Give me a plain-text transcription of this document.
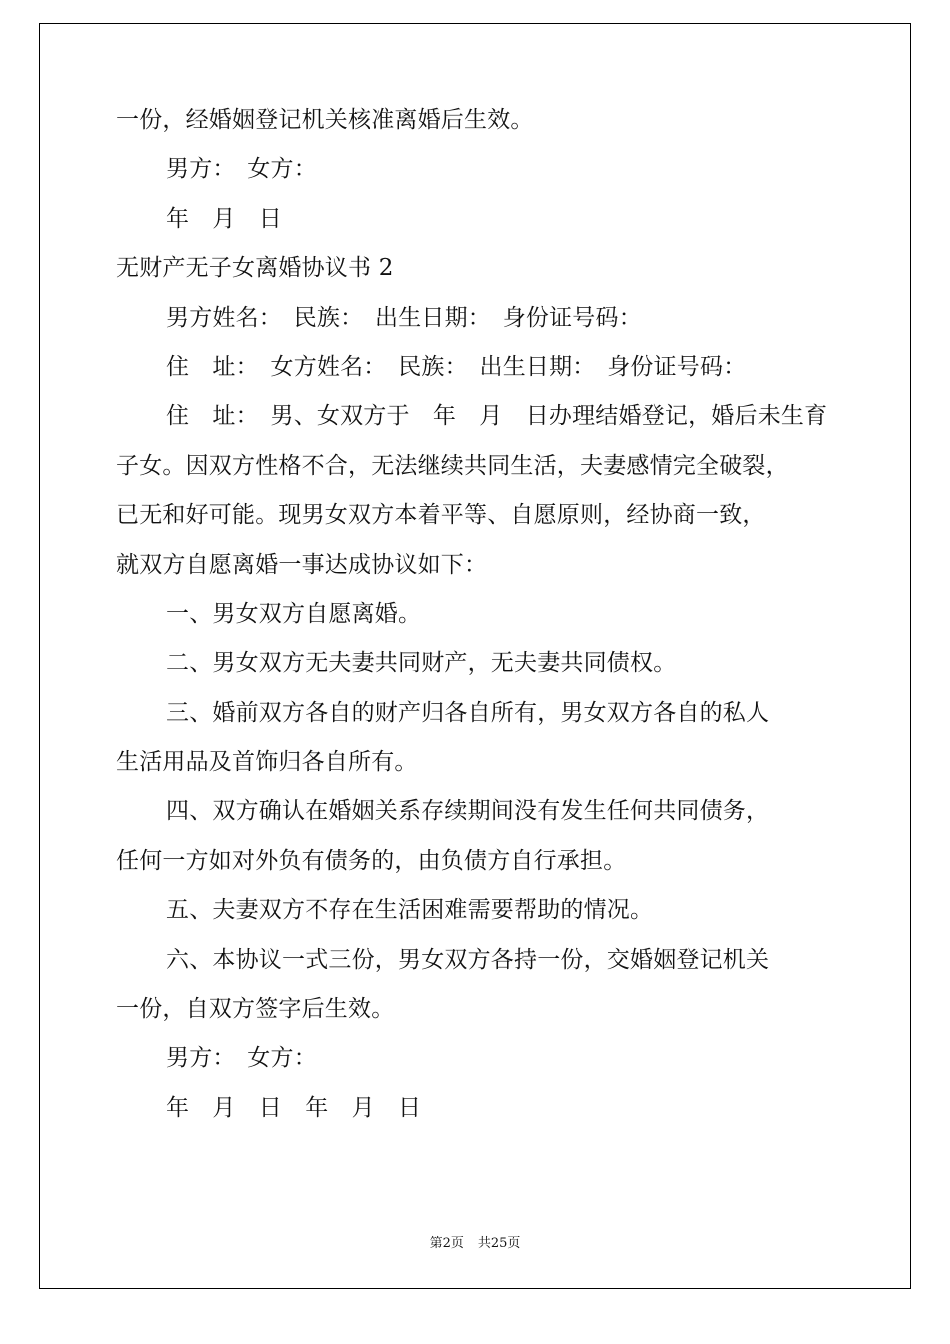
一份，经婚姻登记机关核准离婚后生效。
男方：　女方：
年　月　日
无财产无子女离婚协议书 2
男方姓名：　民族：　出生日期：　身份证号码：
住　址：　女方姓名：　民族：　出生日期：　身份证号码：
住　址：　男、女双方于　年　月　日办理结婚登记，婚后未生育
子女。因双方性格不合，无法继续共同生活，夫妻感情完全破裂，
已无和好可能。现男女双方本着平等、自愿原则，经协商一致，
就双方自愿离婚一事达成协议如下：
一、男女双方自愿离婚。
二、男女双方无夫妻共同财产，无夫妻共同债权。
三、婚前双方各自的财产归各自所有，男女双方各自的私人
生活用品及首饰归各自所有。
四、双方确认在婚姻关系存续期间没有发生任何共同债务，
任何一方如对外负有债务的，由负债方自行承担。
五、夫妻双方不存在生活困难需要帮助的情况。
六、本协议一式三份，男女双方各持一份，交婚姻登记机关
一份，自双方签字后生效。
男方：　女方：
年　月　日　年　月　日
第2页 共25页
